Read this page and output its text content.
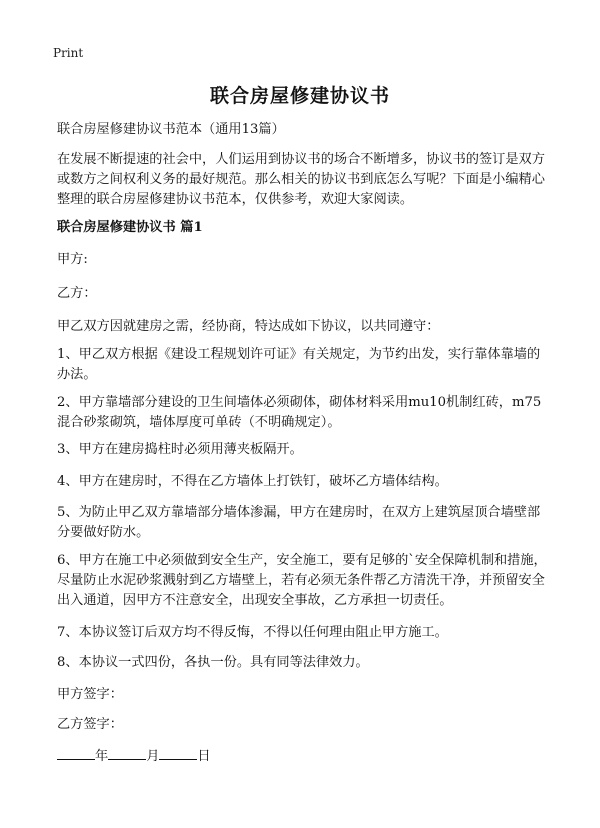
Print
联合房屋修建协议书
联合房屋修建协议书范本（通用13篇）
在发展不断提速的社会中，人们运用到协议书的场合不断增多，协议书的签订是双方或数方之间权利义务的最好规范。那么相关的协议书到底怎么写呢？下面是小编精心整理的联合房屋修建协议书范本，仅供参考，欢迎大家阅读。
联合房屋修建协议书 篇1
甲方:
乙方：
甲乙双方因就建房之需，经协商，特达成如下协议，以共同遵守：
1、甲乙双方根据《建设工程规划许可证》有关规定，为节约出发，实行靠体靠墙的办法。
2、甲方靠墙部分建设的卫生间墙体必须砌体，砌体材料采用mu10机制红砖，m75混合砂浆砌筑，墙体厚度可单砖（不明确规定）。
3、甲方在建房捣柱时必须用薄夹板隔开。
4、甲方在建房时，不得在乙方墙体上打铁钉，破坏乙方墙体结构。
5、为防止甲乙双方靠墙部分墙体渗漏，甲方在建房时，在双方上建筑屋顶合墙壁部分要做好防水。
6、甲方在施工中必须做到安全生产，安全施工，要有足够的`安全保障机制和措施，尽量防止水泥砂浆溅射到乙方墙壁上，若有必须无条件帮乙方清洗干净，并预留安全出入通道，因甲方不注意安全，出现安全事故，乙方承担一切责任。
7、本协议签订后双方均不得反悔，不得以任何理由阻止甲方施工。
8、本协议一式四份，各执一份。具有同等法律效力。
甲方签字：
乙方签字：
年	月	日
